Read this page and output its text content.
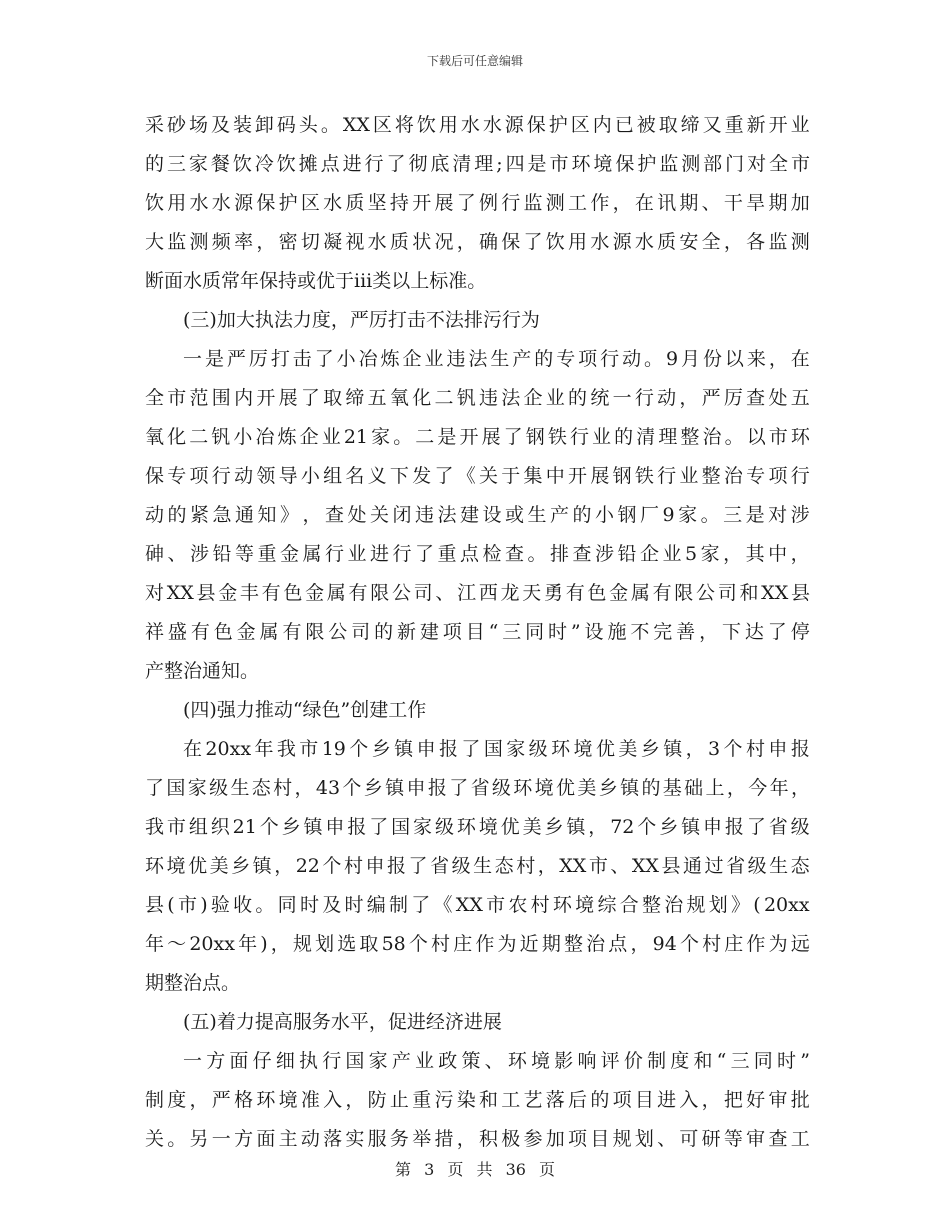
下载后可任意编辑
采 砂 场 及 装 卸 码 头 。 XX 区 将 饮 用 水 水 源 保 护 区 内 已 被 取 缔 又 重 新 开 业
的 三 家 餐 饮 冷 饮 摊 点 进 行 了 彻 底 清 理 ; 四 是 市 环 境 保 护 监 测 部 门 对 全 市
饮 用 水 水 源 保 护 区 水 质 坚 持 开 展 了 例 行 监 测 工 作 ， 在 讯 期 、 干 旱 期 加
大 监 测 频 率 ， 密 切 凝 视 水 质 状 况 ， 确 保 了 饮 用 水 源 水 质 安 全 ， 各 监 测
断面水质常年保持或优于iii类以上标准。
(三)加大执法力度，严厉打击不法排污行为
一 是 严 厉 打 击 了 小 冶 炼 企 业 违 法 生 产 的 专 项 行 动 。 9 月 份 以 来 ， 在
全 市 范 围 内 开 展 了 取 缔 五 氧 化 二 钒 违 法 企 业 的 统 一 行 动 ， 严 厉 查 处 五
氧 化 二 钒 小 冶 炼 企 业 21 家 。 二 是 开 展 了 钢 铁 行 业 的 清 理 整 治 。 以 市 环
保 专 项 行 动 领 导 小 组 名 义 下 发 了 《 关 于 集 中 开 展 钢 铁 行 业 整 治 专 项 行
动 的 紧 急 通 知 》 ， 查 处 关 闭 违 法 建 设 或 生 产 的 小 钢 厂 9 家 。 三 是 对 涉
砷 、 涉 铅 等 重 金 属 行 业 进 行 了 重 点 检 查 。 排 查 涉 铅 企 业 5 家 ， 其 中 ，
对 XX 县 金 丰 有 色 金 属 有 限 公 司 、 江 西 龙 天 勇 有 色 金 属 有 限 公 司 和 XX 县
祥 盛 有 色 金 属 有 限 公 司 的 新 建 项 目 “ 三 同 时 ” 设 施 不 完 善 ， 下 达 了 停
产整治通知。
(四)强力推动“绿色”创建工作
在 20xx 年 我 市 19 个 乡 镇 申 报 了 国 家 级 环 境 优 美 乡 镇 ， 3 个 村 申 报
了 国 家 级 生 态 村 ， 43 个 乡 镇 申 报 了 省 级 环 境 优 美 乡 镇 的 基 础 上 ， 今 年 ，
我 市 组 织 21 个 乡 镇 申 报 了 国 家 级 环 境 优 美 乡 镇 ， 72 个 乡 镇 申 报 了 省 级
环 境 优 美 乡 镇 ， 22 个 村 申 报 了 省 级 生 态 村 ， XX 市 、 XX 县 通 过 省 级 生 态
县 ( 市 ) 验 收 。 同 时 及 时 编 制 了 《 XX 市 农 村 环 境 综 合 整 治 规 划 》 ( 20xx
年 ～ 20xx 年 ) ， 规 划 选 取 58 个 村 庄 作 为 近 期 整 治 点 ， 94 个 村 庄 作 为 远
期整治点。
(五)着力提高服务水平，促进经济进展
一 方 面 仔 细 执 行 国 家 产 业 政 策 、 环 境 影 响 评 价 制 度 和 “ 三 同 时 ”
制 度 ， 严 格 环 境 准 入 ， 防 止 重 污 染 和 工 艺 落 后 的 项 目 进 入 ， 把 好 审 批
关 。 另 一 方 面 主 动 落 实 服 务 举 措 ， 积 极 参 加 项 目 规 划 、 可 研 等 审 查 工
第 3 页 共 36 页
